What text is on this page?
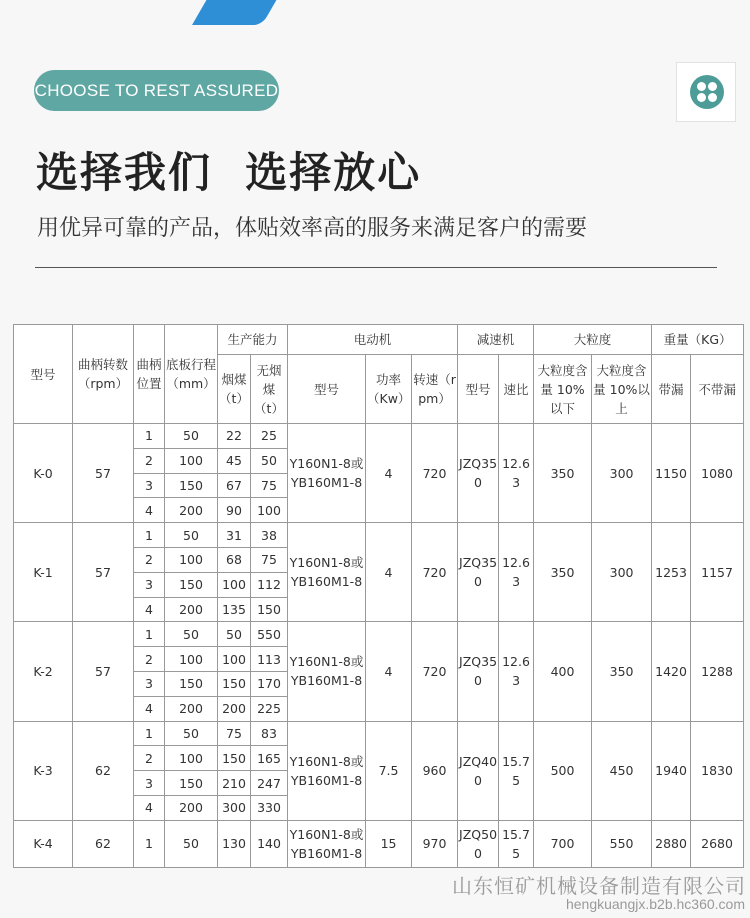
CHOOSE TO REST ASSURED
选择我们  选择放心
用优异可靠的产品，体贴效率高的服务来满足客户的需要
型号	曲柄转数（rpm）	曲柄位置	底板行程（mm）	生产能力		电动机			减速机		大粒度		重量（KG）	
				烟煤（t）	无烟煤（t）	型号	功率（Kw）	转速（rpm）	型号	速比	大粒度含量 10%以下	大粒度含量 10%以上	带漏	不带漏
K-0	57	1	50	22	25	Y160N1-8或YB160M1-8	4	720	JZQ350	12.63	350	300	1150	1080
		2	100	45	50									
		3	150	67	75									
		4	200	90	100									
K-1	57	1	50	31	38	Y160N1-8或YB160M1-8	4	720	JZQ350	12.63	350	300	1253	1157
		2	100	68	75									
		3	150	100	112									
		4	200	135	150									
K-2	57	1	50	50	550	Y160N1-8或YB160M1-8	4	720	JZQ350	12.63	400	350	1420	1288
		2	100	100	113									
		3	150	150	170									
		4	200	200	225									
K-3	62	1	50	75	83	Y160N1-8或YB160M1-8	7.5	960	JZQ400	15.75	500	450	1940	1830
		2	100	150	165									
		3	150	210	247									
		4	200	300	330									
K-4	62	1	50	130	140	Y160N1-8或YB160M1-8	15	970	JZQ500	15.75	700	550	2880	2680
山东恒矿机械设备制造有限公司
hengkuangjx.b2b.hc360.com
